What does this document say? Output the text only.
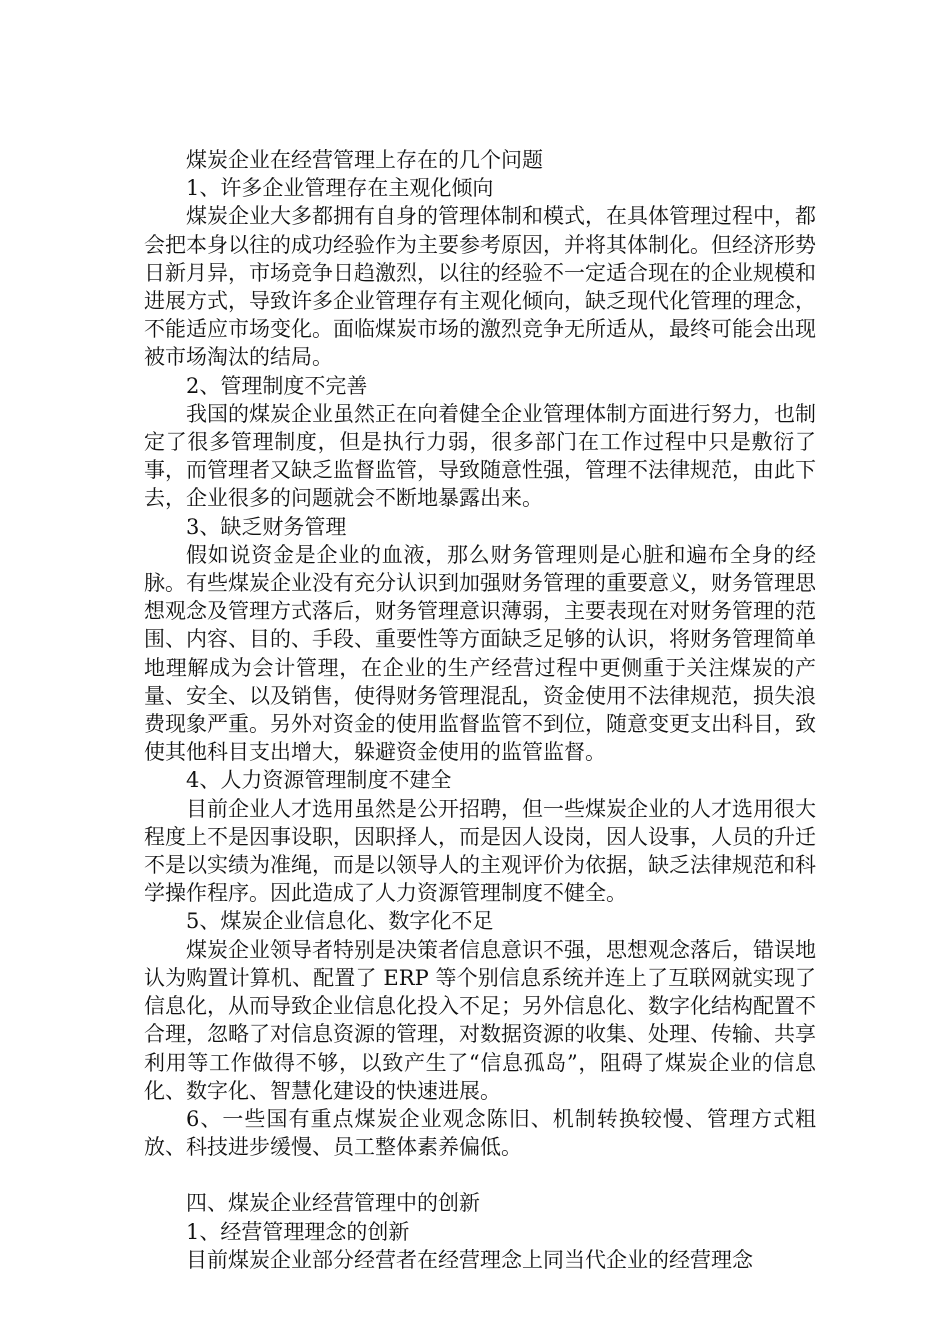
煤炭企业在经营管理上存在的几个问题

1、许多企业管理存在主观化倾向

煤炭企业大多都拥有自身的管理体制和模式，在具体管理过程中，都会把本身以往的成功经验作为主要参考原因，并将其体制化。但经济形势日新月异，市场竞争日趋激烈，以往的经验不一定适合现在的企业规模和进展方式，导致许多企业管理存有主观化倾向，缺乏现代化管理的理念，不能适应市场变化。面临煤炭市场的激烈竞争无所适从，最终可能会出现被市场淘汰的结局。

2、管理制度不完善

我国的煤炭企业虽然正在向着健全企业管理体制方面进行努力，也制定了很多管理制度，但是执行力弱，很多部门在工作过程中只是敷衍了事，而管理者又缺乏监督监管，导致随意性强，管理不法律规范，由此下去，企业很多的问题就会不断地暴露出来。

3、缺乏财务管理

假如说资金是企业的血液，那么财务管理则是心脏和遍布全身的经脉。有些煤炭企业没有充分认识到加强财务管理的重要意义，财务管理思想观念及管理方式落后，财务管理意识薄弱，主要表现在对财务管理的范围、内容、目的、手段、重要性等方面缺乏足够的认识，将财务管理简单地理解成为会计管理，在企业的生产经营过程中更侧重于关注煤炭的产量、安全、以及销售，使得财务管理混乱，资金使用不法律规范，损失浪费现象严重。另外对资金的使用监督监管不到位，随意变更支出科目，致使其他科目支出增大，躲避资金使用的监管监督。

4、人力资源管理制度不建全

目前企业人才选用虽然是公开招聘，但一些煤炭企业的人才选用很大程度上不是因事设职，因职择人，而是因人设岗，因人设事，人员的升迁不是以实绩为准绳，而是以领导人的主观评价为依据，缺乏法律规范和科学操作程序。因此造成了人力资源管理制度不健全。

5、煤炭企业信息化、数字化不足

煤炭企业领导者特别是决策者信息意识不强，思想观念落后，错误地认为购置计算机、配置了 ERP 等个别信息系统并连上了互联网就实现了信息化，从而导致企业信息化投入不足；另外信息化、数字化结构配置不合理，忽略了对信息资源的管理，对数据资源的收集、处理、传输、共享利用等工作做得不够，以致产生了“信息孤岛”，阻碍了煤炭企业的信息化、数字化、智慧化建设的快速进展。

6、一些国有重点煤炭企业观念陈旧、机制转换较慢、管理方式粗放、科技进步缓慢、员工整体素养偏低。

四、煤炭企业经营管理中的创新

1、经营管理理念的创新

目前煤炭企业部分经营者在经营理念上同当代企业的经营理念
